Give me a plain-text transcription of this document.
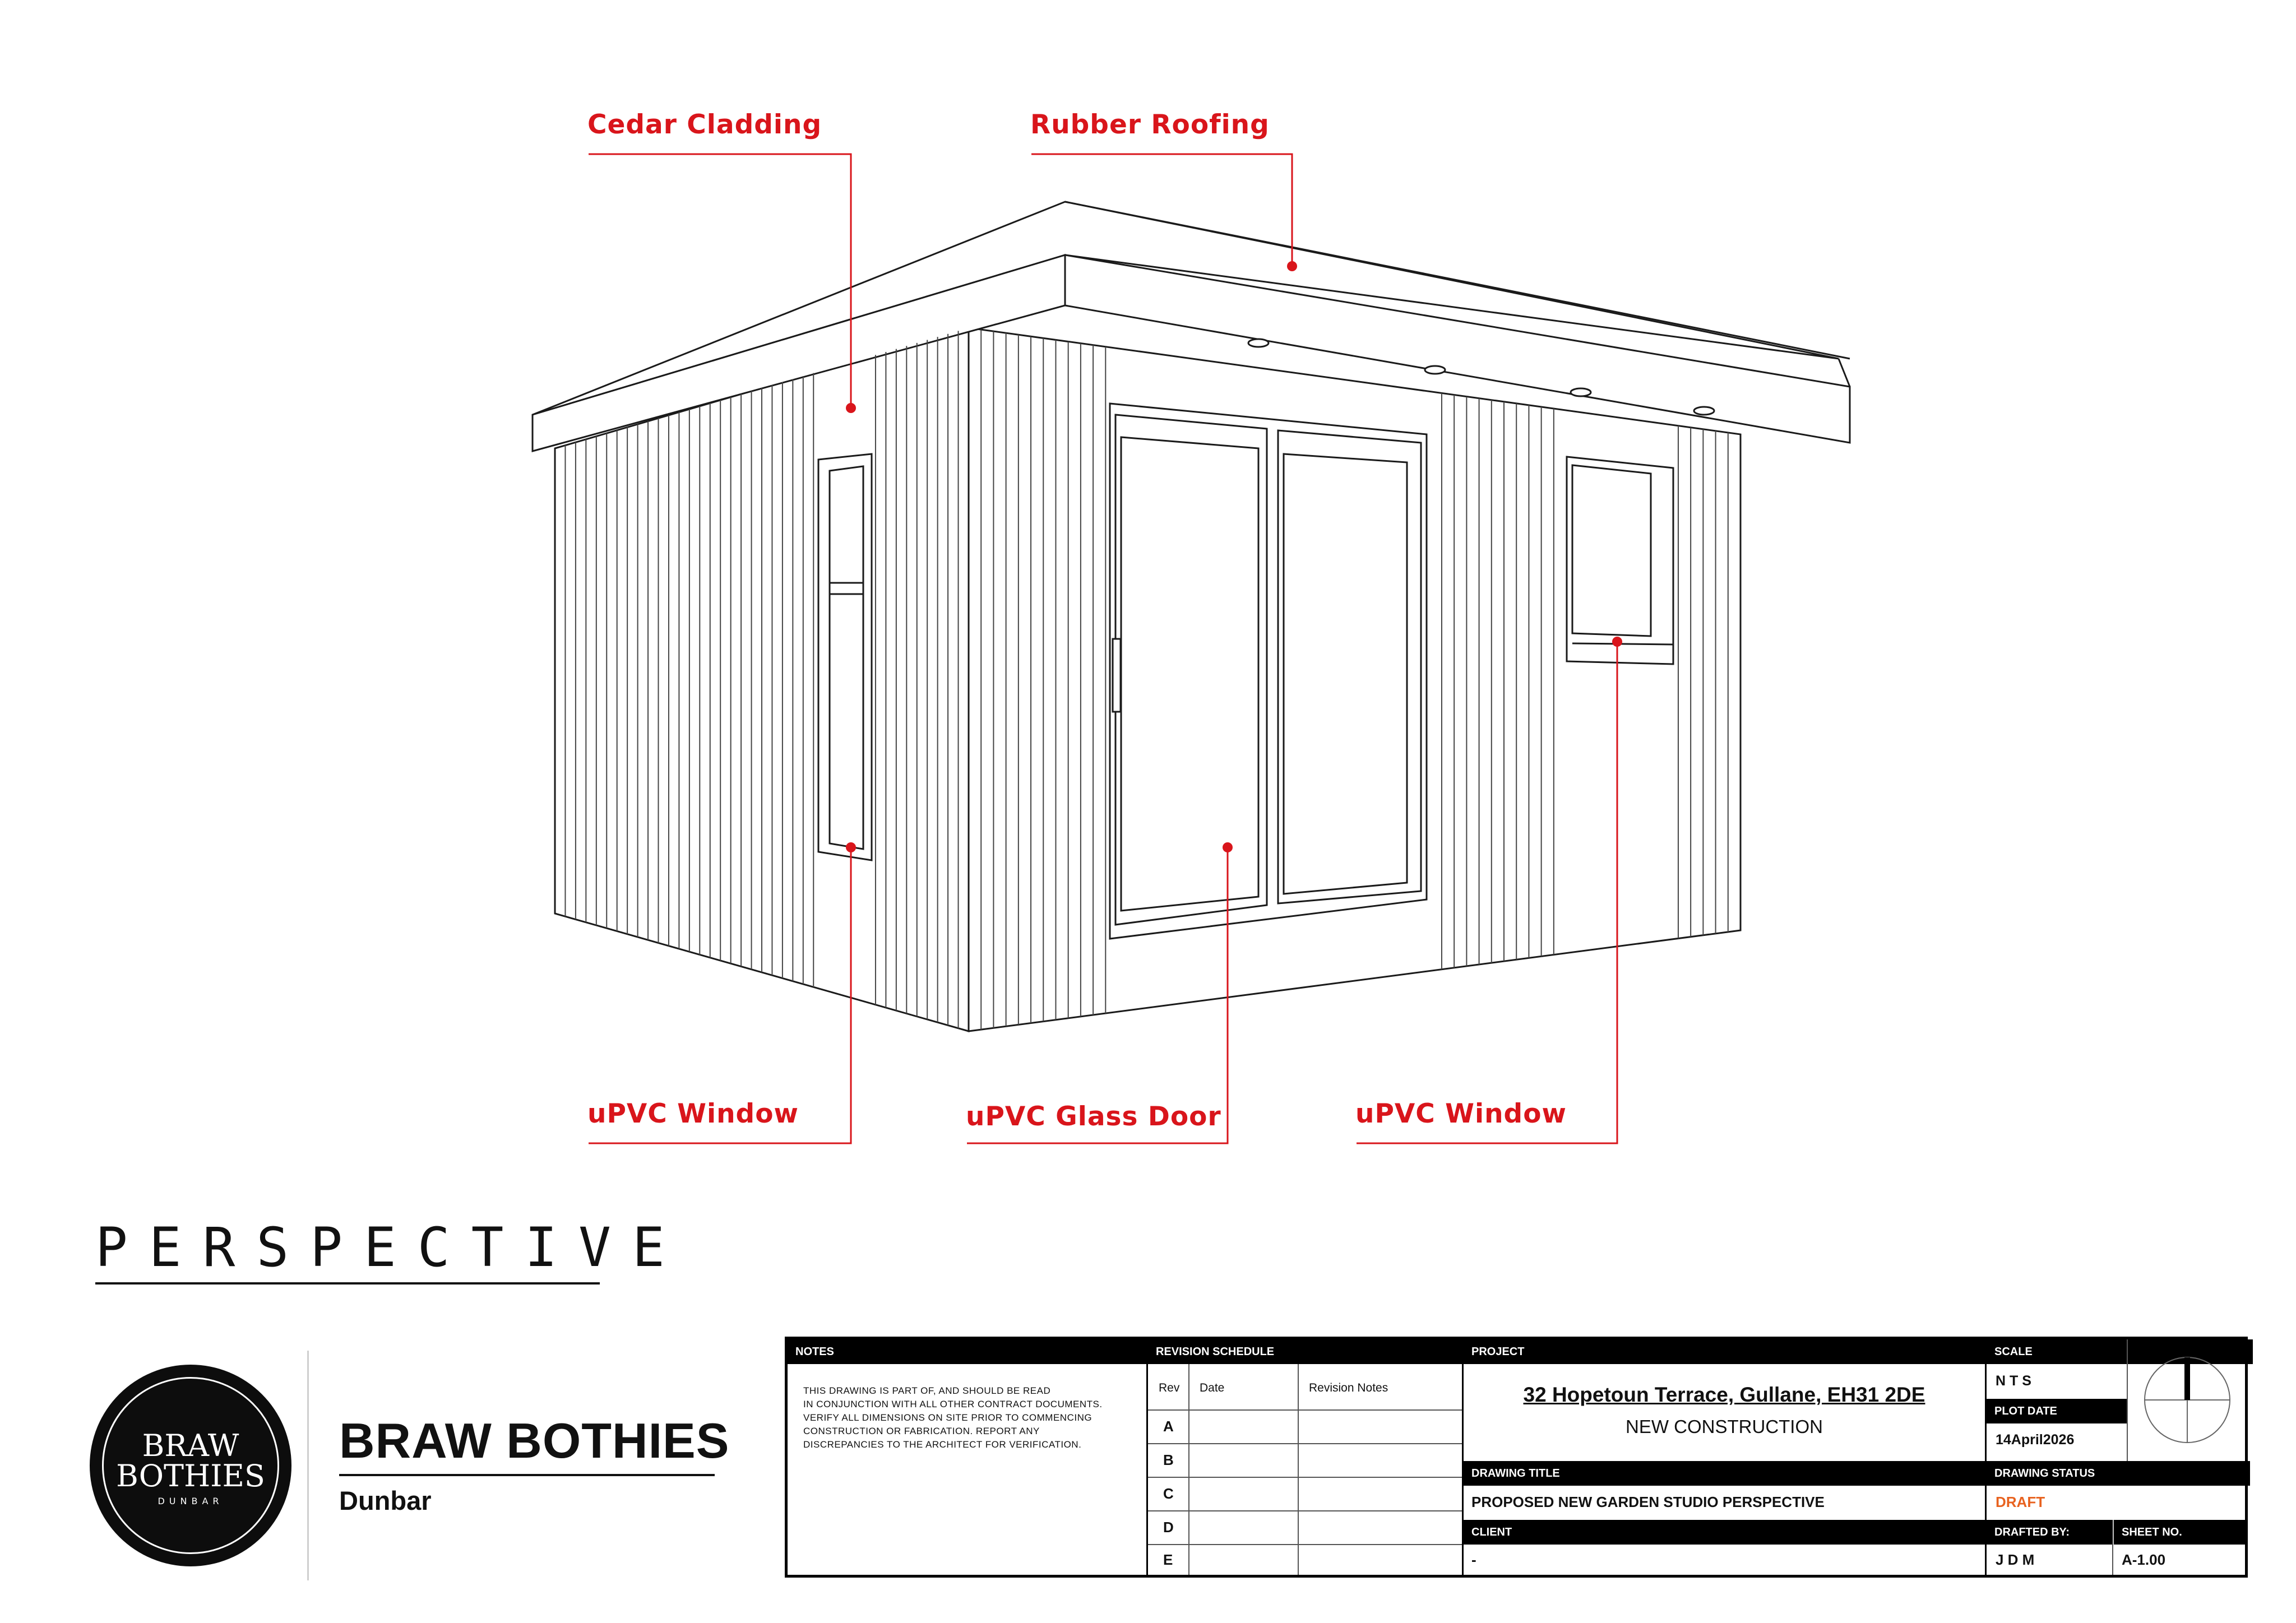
Cedar Cladding	Rubber Roofing
uPVC Window	uPVC Glass Door	uPVC Window
PERSPECTIVE
BRAW
BOTHIES
DUNBAR
BRAW BOTHIES
Dunbar
NOTES
THIS DRAWING IS PART OF, AND SHOULD BE READ
IN CONJUNCTION WITH ALL OTHER CONTRACT DOCUMENTS.
VERIFY ALL DIMENSIONS ON SITE PRIOR TO COMMENCING
CONSTRUCTION OR FABRICATION. REPORT ANY
DISCREPANCIES TO THE ARCHITECT FOR VERIFICATION.
REVISION SCHEDULE
Rev Date	Revision Notes
A
B
C
D
E
PROJECT
32 Hopetoun Terrace, Gullane, EH31 2DE
NEW CONSTRUCTION
DRAWING TITLE
PROPOSED NEW GARDEN STUDIO PERSPECTIVE
CLIENT
-
SCALE
N T S
PLOT DATE
14April2026
DRAWING STATUS
DRAFT
DRAFTED BY:
J D M
SHEET NO.
A-1.00
